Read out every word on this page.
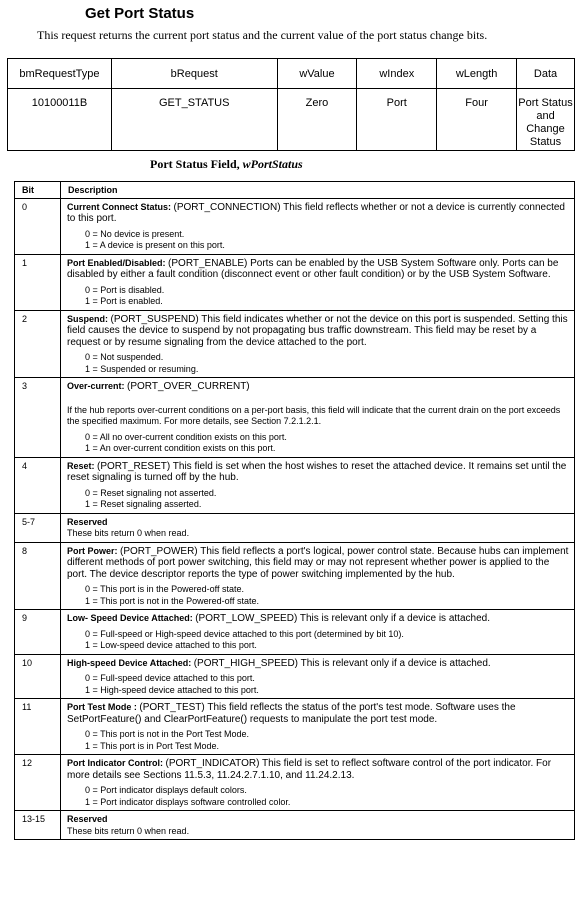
Get Port Status
This request returns the current port status and the current value of the port status change bits.
bmRequestType	bRequest	wValue	wIndex	wLength	Data
10100011B	GET_STATUS	Zero	Port	Four	Port Status
and Change
Status
Port Status Field, wPortStatus
Bit	Description
0	Current Connect Status: (PORT_CONNECTION) This field reflects whether or not a device is currently connected to this port.
0 = No device is present.
1 = A device is present on this port.

1	Port Enabled/Disabled: (PORT_ENABLE) Ports can be enabled by the USB System Software only. Ports can be disabled by either a fault condition (disconnect event or other fault condition) or by the USB System Software.
0 = Port is disabled.
1 = Port is enabled.

2	Suspend: (PORT_SUSPEND) This field indicates whether or not the device on this port is suspended. Setting this field causes the device to suspend by not propagating bus traffic downstream. This field may be reset by a request or by resume signaling from the device attached to the port.
0 = Not suspended.
1 = Suspended or resuming.

3	Over-current: (PORT_OVER_CURRENT)
If the hub reports over-current conditions on a per-port basis, this field will indicate that the current drain on the port exceeds the specified maximum. For more details, see Section 7.2.1.2.1.
0 = All no over-current condition exists on this port.
1 = An over-current condition exists on this port.

4	Reset: (PORT_RESET) This field is set when the host wishes to reset the attached device. It remains set until the reset signaling is turned off by the hub.
0 = Reset signaling not asserted.
1 = Reset signaling asserted.

5-7	Reserved
These bits return 0 when read.

8	Port Power: (PORT_POWER) This field reflects a port's logical, power control state. Because hubs can implement different methods of port power switching, this field may or may not represent whether power is applied to the port. The device descriptor reports the type of power switching implemented by the hub.
0 = This port is in the Powered-off state.
1 = This port is not in the Powered-off state.

9	Low- Speed Device Attached: (PORT_LOW_SPEED) This is relevant only if a device is attached.
0 = Full-speed or High-speed device attached to this port (determined by bit 10).
1 = Low-speed device attached to this port.

10	High-speed Device Attached: (PORT_HIGH_SPEED) This is relevant only if a device is attached.
0 = Full-speed device attached to this port.
1 = High-speed device attached to this port.

11	Port Test Mode : (PORT_TEST) This field reflects the status of the port's test mode. Software uses the SetPortFeature() and ClearPortFeature() requests to manipulate the port test mode.
0 = This port is not in the Port Test Mode.
1 = This port is in Port Test Mode.

12	Port Indicator Control: (PORT_INDICATOR) This field is set to reflect software control of the port indicator. For more details see Sections 11.5.3, 11.24.2.7.1.10, and 11.24.2.13.
0 = Port indicator displays default colors.
1 = Port indicator displays software controlled color.

13-15	Reserved
These bits return 0 when read.
